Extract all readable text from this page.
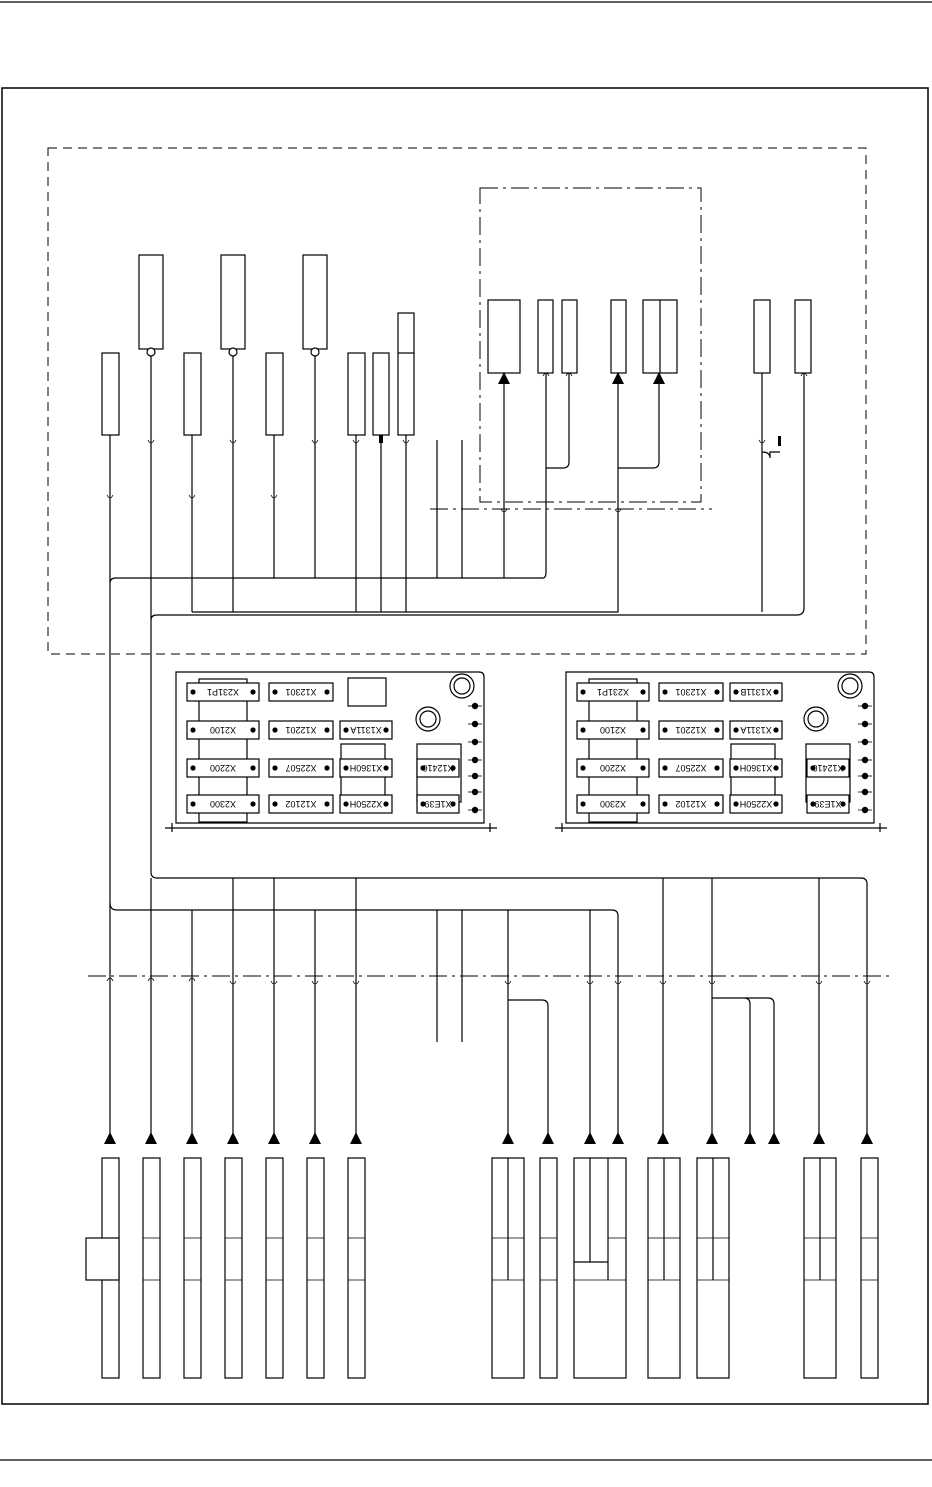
X231P1
X2100
X2200
X2300
X12301
X12201
X22507
X12102
X1311A
X1360H
X2250H
X12410
X1E39
X231P1
X2100
X2200
X2300
X12301
X12201
X22507
X12102
X1311B
X1311A
X1360H
X2250H
X12410
X1E39
